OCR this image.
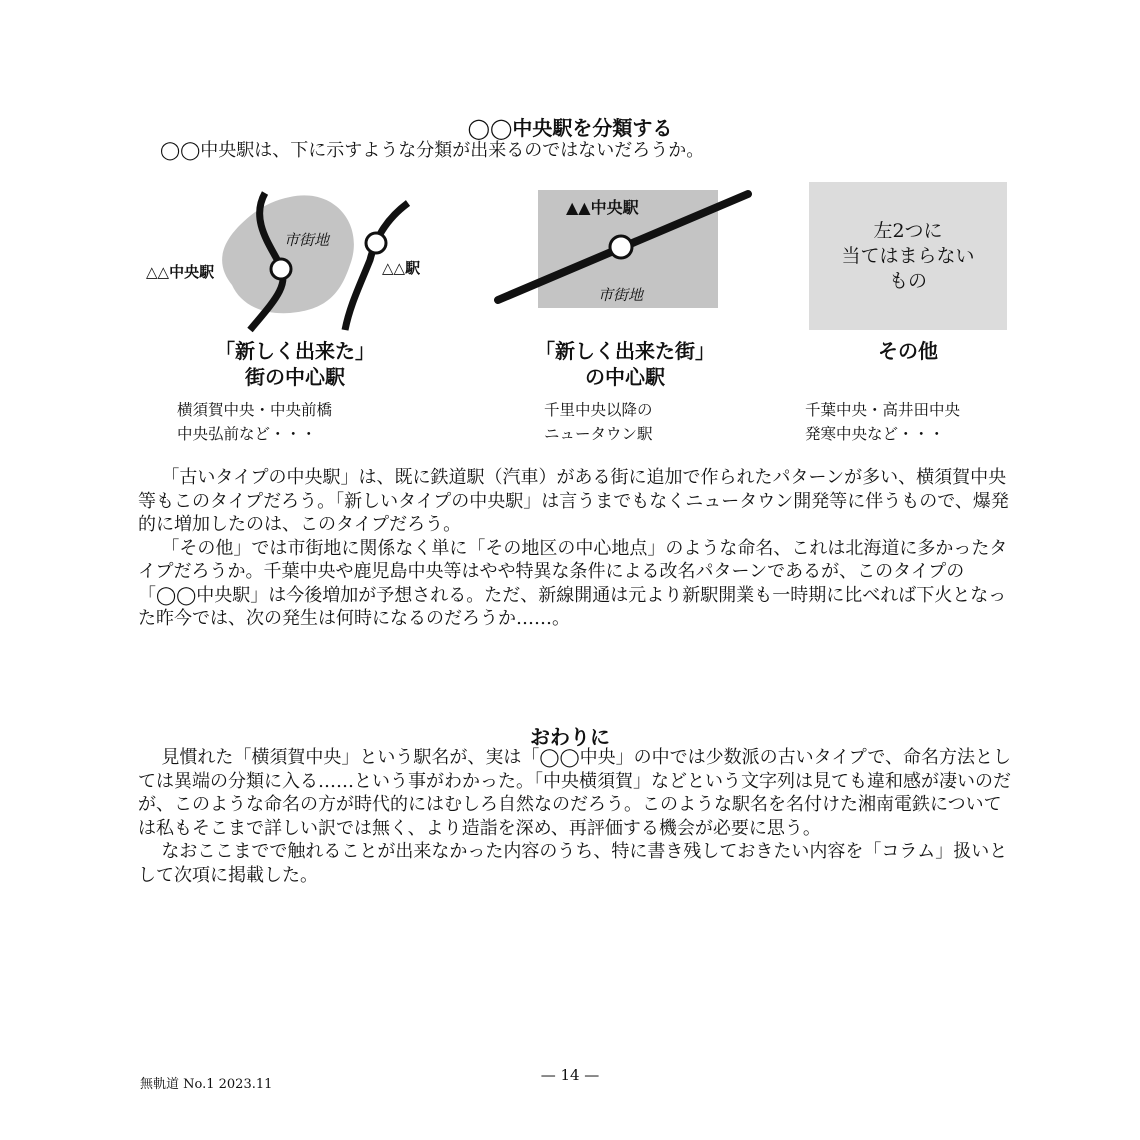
◯◯中央駅を分類する
◯◯中央駅は、下に示すような分類が出来るのではないだろうか。
市街地
△△中央駅	△△駅
▲▲中央駅
市街地
左2つに
当てはまらない
もの
「新しく出来た」
街の中心駅
「新しく出来た街」
の中心駅
その他
横須賀中央・中央前橋
中央弘前など・・・
千里中央以降の
ニュータウン駅
千葉中央・高井田中央
発寒中央など・・・

「古いタイプの中央駅」は、既に鉄道駅（汽車）がある街に追加で作られたパターンが多い、横須賀中央等もこのタイプだろう。「新しいタイプの中央駅」は言うまでもなくニュータウン開発等に伴うもので、爆発的に増加したのは、このタイプだろう。

「その他」では市街地に関係なく単に「その地区の中心地点」のような命名、これは北海道に多かったタイプだろうか。千葉中央や鹿児島中央等はやや特異な条件による改名パターンであるが、このタイプの「◯◯中央駅」は今後増加が予想される。ただ、新線開通は元より新駅開業も一時期に比べれば下火となった昨今では、次の発生は何時になるのだろうか……。

おわりに

見慣れた「横須賀中央」という駅名が、実は「◯◯中央」の中では少数派の古いタイプで、命名方法としては異端の分類に入る……という事がわかった。「中央横須賀」などという文字列は見ても違和感が凄いのだが、このような命名の方が時代的にはむしろ自然なのだろう。このような駅名を名付けた湘南電鉄については私もそこまで詳しい訳では無く、より造詣を深め、再評価する機会が必要に思う。

なおここまでで触れることが出来なかった内容のうち、特に書き残しておきたい内容を「コラム」扱いとして次項に掲載した。

無軌道 No.1 2023.11
— 14 —
